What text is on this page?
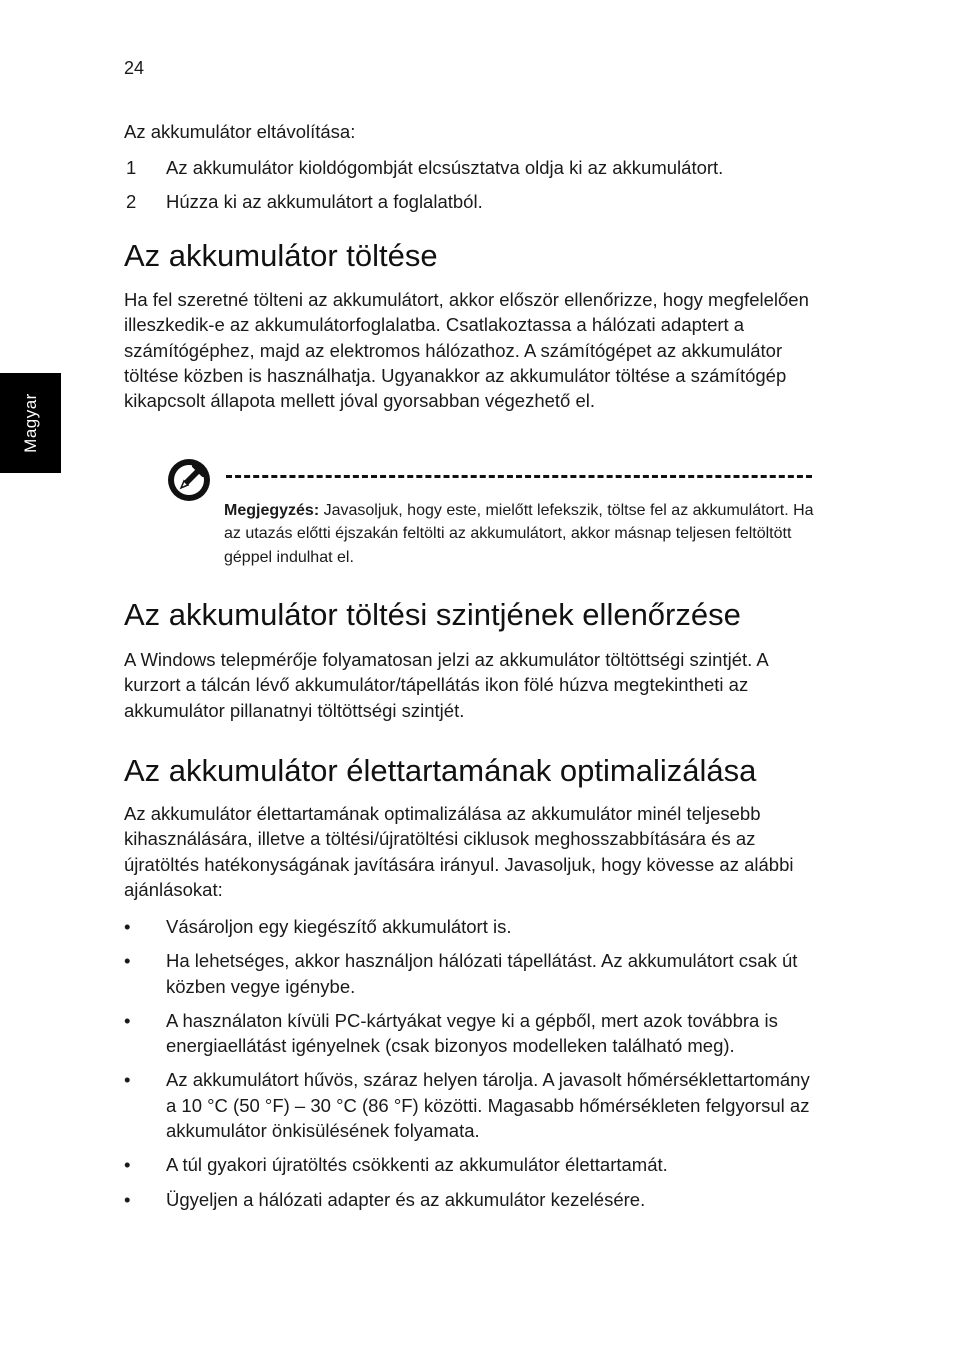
24
Magyar
Az akkumulátor eltávolítása:
1 Az akkumulátor kioldógombját elcsúsztatva oldja ki az akkumulátort.
2 Húzza ki az akkumulátort a foglalatból.
Az akkumulátor töltése

Ha fel szeretné tölteni az akkumulátort, akkor először ellenőrizze, hogy megfelelően illeszkedik-e az akkumulátorfoglalatba. Csatlakoztassa a hálózati adaptert a számítógéphez, majd az elektromos hálózathoz. A számítógépet az akkumulátor töltése közben is használhatja. Ugyanakkor az akkumulátor töltése a számítógép kikapcsolt állapota mellett jóval gyorsabban végezhető el.

Megjegyzés: Javasoljuk, hogy este, mielőtt lefekszik, töltse fel az akkumulátort. Ha az utazás előtti éjszakán feltölti az akkumulátort, akkor másnap teljesen feltöltött géppel indulhat el.

Az akkumulátor töltési szintjének ellenőrzése

A Windows telepmérője folyamatosan jelzi az akkumulátor töltöttségi szintjét. A kurzort a tálcán lévő akkumulátor/tápellátás ikon fölé húzva megtekintheti az akkumulátor pillanatnyi töltöttségi szintjét.

Az akkumulátor élettartamának optimalizálása

Az akkumulátor élettartamának optimalizálása az akkumulátor minél teljesebb kihasználására, illetve a töltési/újratöltési ciklusok meghosszabbítására és az újratöltés hatékonyságának javítására irányul. Javasoljuk, hogy kövesse az alábbi ajánlásokat:

• Vásároljon egy kiegészítő akkumulátort is.
• Ha lehetséges, akkor használjon hálózati tápellátást. Az akkumulátort csak út közben vegye igénybe.
• A használaton kívüli PC-kártyákat vegye ki a gépből, mert azok továbbra is energiaellátást igényelnek (csak bizonyos modelleken található meg).
• Az akkumulátort hűvös, száraz helyen tárolja. A javasolt hőmérséklettartomány a 10 °C (50 °F) – 30 °C (86 °F) közötti. Magasabb hőmérsékleten felgyorsul az akkumulátor önkisülésének folyamata.
• A túl gyakori újratöltés csökkenti az akkumulátor élettartamát.
• Ügyeljen a hálózati adapter és az akkumulátor kezelésére.
